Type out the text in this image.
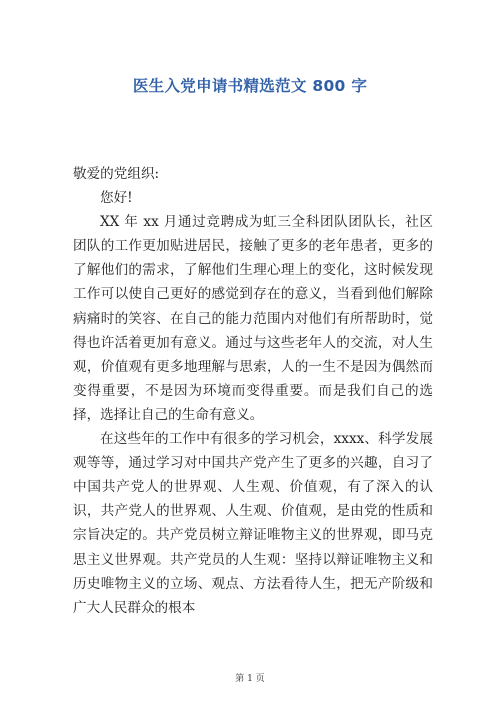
医生入党申请书精选范文 800 字

敬爱的党组织:

您好!

XX 年 xx 月通过竞聘成为虹三全科团队团队长，社区团队的工作更加贴进居民，接触了更多的老年患者，更多的了解他们的需求，了解他们生理心理上的变化，这时候发现工作可以使自己更好的感觉到存在的意义，当看到他们解除病痛时的笑容、在自己的能力范围内对他们有所帮助时，觉得也许活着更加有意义。通过与这些老年人的交流，对人生观，价值观有更多地理解与思索，人的一生不是因为偶然而变得重要，不是因为环境而变得重要。而是我们自己的选择，选择让自己的生命有意义。

在这些年的工作中有很多的学习机会，xxxx、科学发展观等等，通过学习对中国共产党产生了更多的兴趣，自习了中国共产党人的世界观、人生观、价值观，有了深入的认识，共产党人的世界观、人生观、价值观，是由党的性质和宗旨决定的。共产党员树立辩证唯物主义的世界观，即马克思主义世界观。共产党员的人生观：坚持以辩证唯物主义和历史唯物主义的立场、观点、方法看待人生，把无产阶级和广大人民群众的根本

第 1 页
